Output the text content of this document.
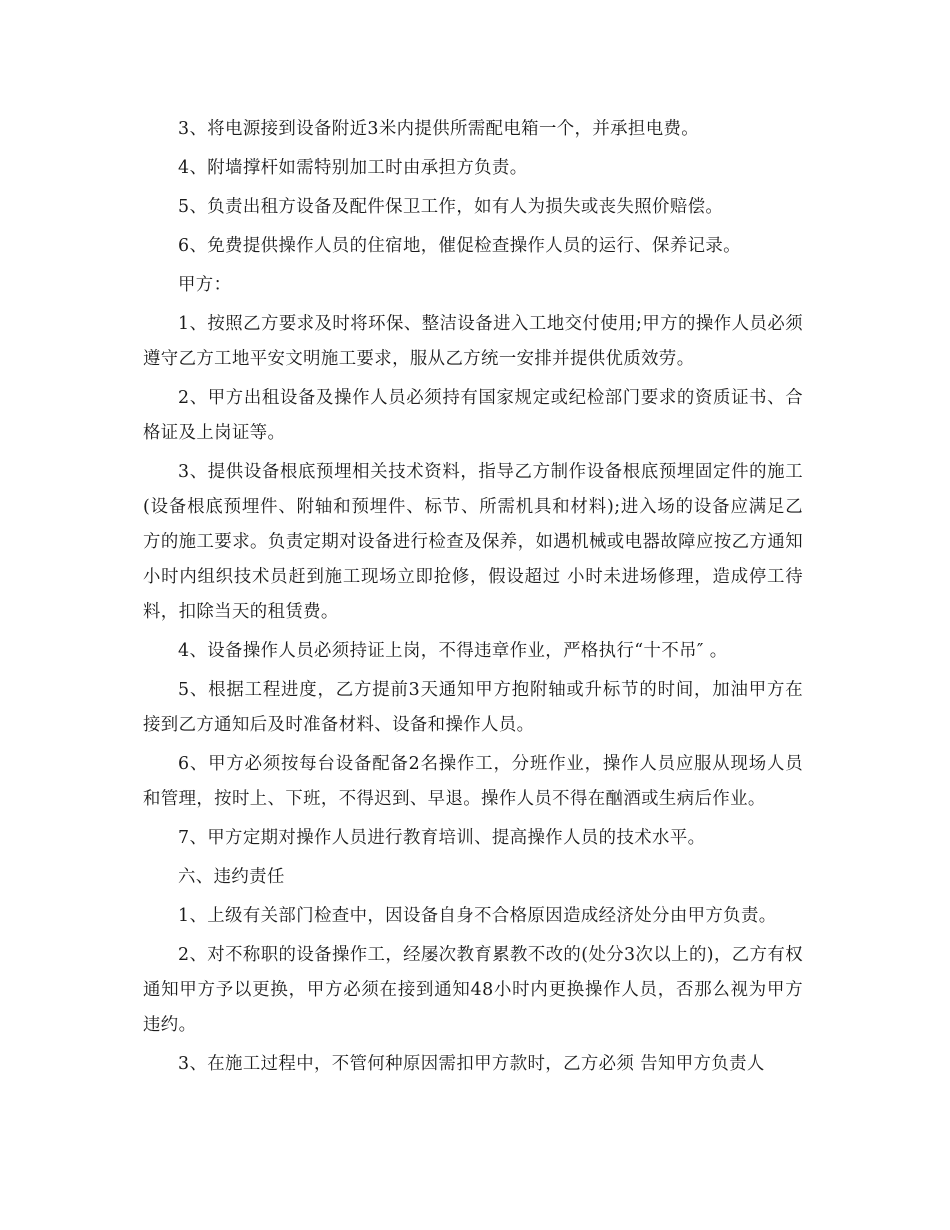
3、将电源接到设备附近3米内提供所需配电箱一个，并承担电费。

4、附墙撑杆如需特别加工时由承担方负责。

5、负责出租方设备及配件保卫工作，如有人为损失或丧失照价赔偿。

6、免费提供操作人员的住宿地，催促检查操作人员的运行、保养记录。

甲方：

1、按照乙方要求及时将环保、整洁设备进入工地交付使用;甲方的操作人员必须遵守乙方工地平安文明施工要求，服从乙方统一安排并提供优质效劳。

2、甲方出租设备及操作人员必须持有国家规定或纪检部门要求的资质证书、合格证及上岗证等。

3、提供设备根底预埋相关技术资料，指导乙方制作设备根底预埋固定件的施工(设备根底预埋件、附轴和预埋件、标节、所需机具和材料);进入场的设备应满足乙方的施工要求。负责定期对设备进行检查及保养，如遇机械或电器故障应按乙方通知 小时内组织技术员赶到施工现场立即抢修，假设超过 小时未进场修理，造成停工待料，扣除当天的租赁费。

4、设备操作人员必须持证上岗，不得违章作业，严格执行“十不吊″ 。

5、根据工程进度，乙方提前3天通知甲方抱附轴或升标节的时间，加油甲方在接到乙方通知后及时准备材料、设备和操作人员。

6、甲方必须按每台设备配备2名操作工，分班作业，操作人员应服从现场人员和管理，按时上、下班，不得迟到、早退。操作人员不得在酗酒或生病后作业。

7、甲方定期对操作人员进行教育培训、提高操作人员的技术水平。

六、违约责任

1、上级有关部门检查中，因设备自身不合格原因造成经济处分由甲方负责。

2、对不称职的设备操作工，经屡次教育累教不改的(处分3次以上的)，乙方有权通知甲方予以更换，甲方必须在接到通知48小时内更换操作人员，否那么视为甲方违约。

3、在施工过程中，不管何种原因需扣甲方款时，乙方必须 告知甲方负责人
